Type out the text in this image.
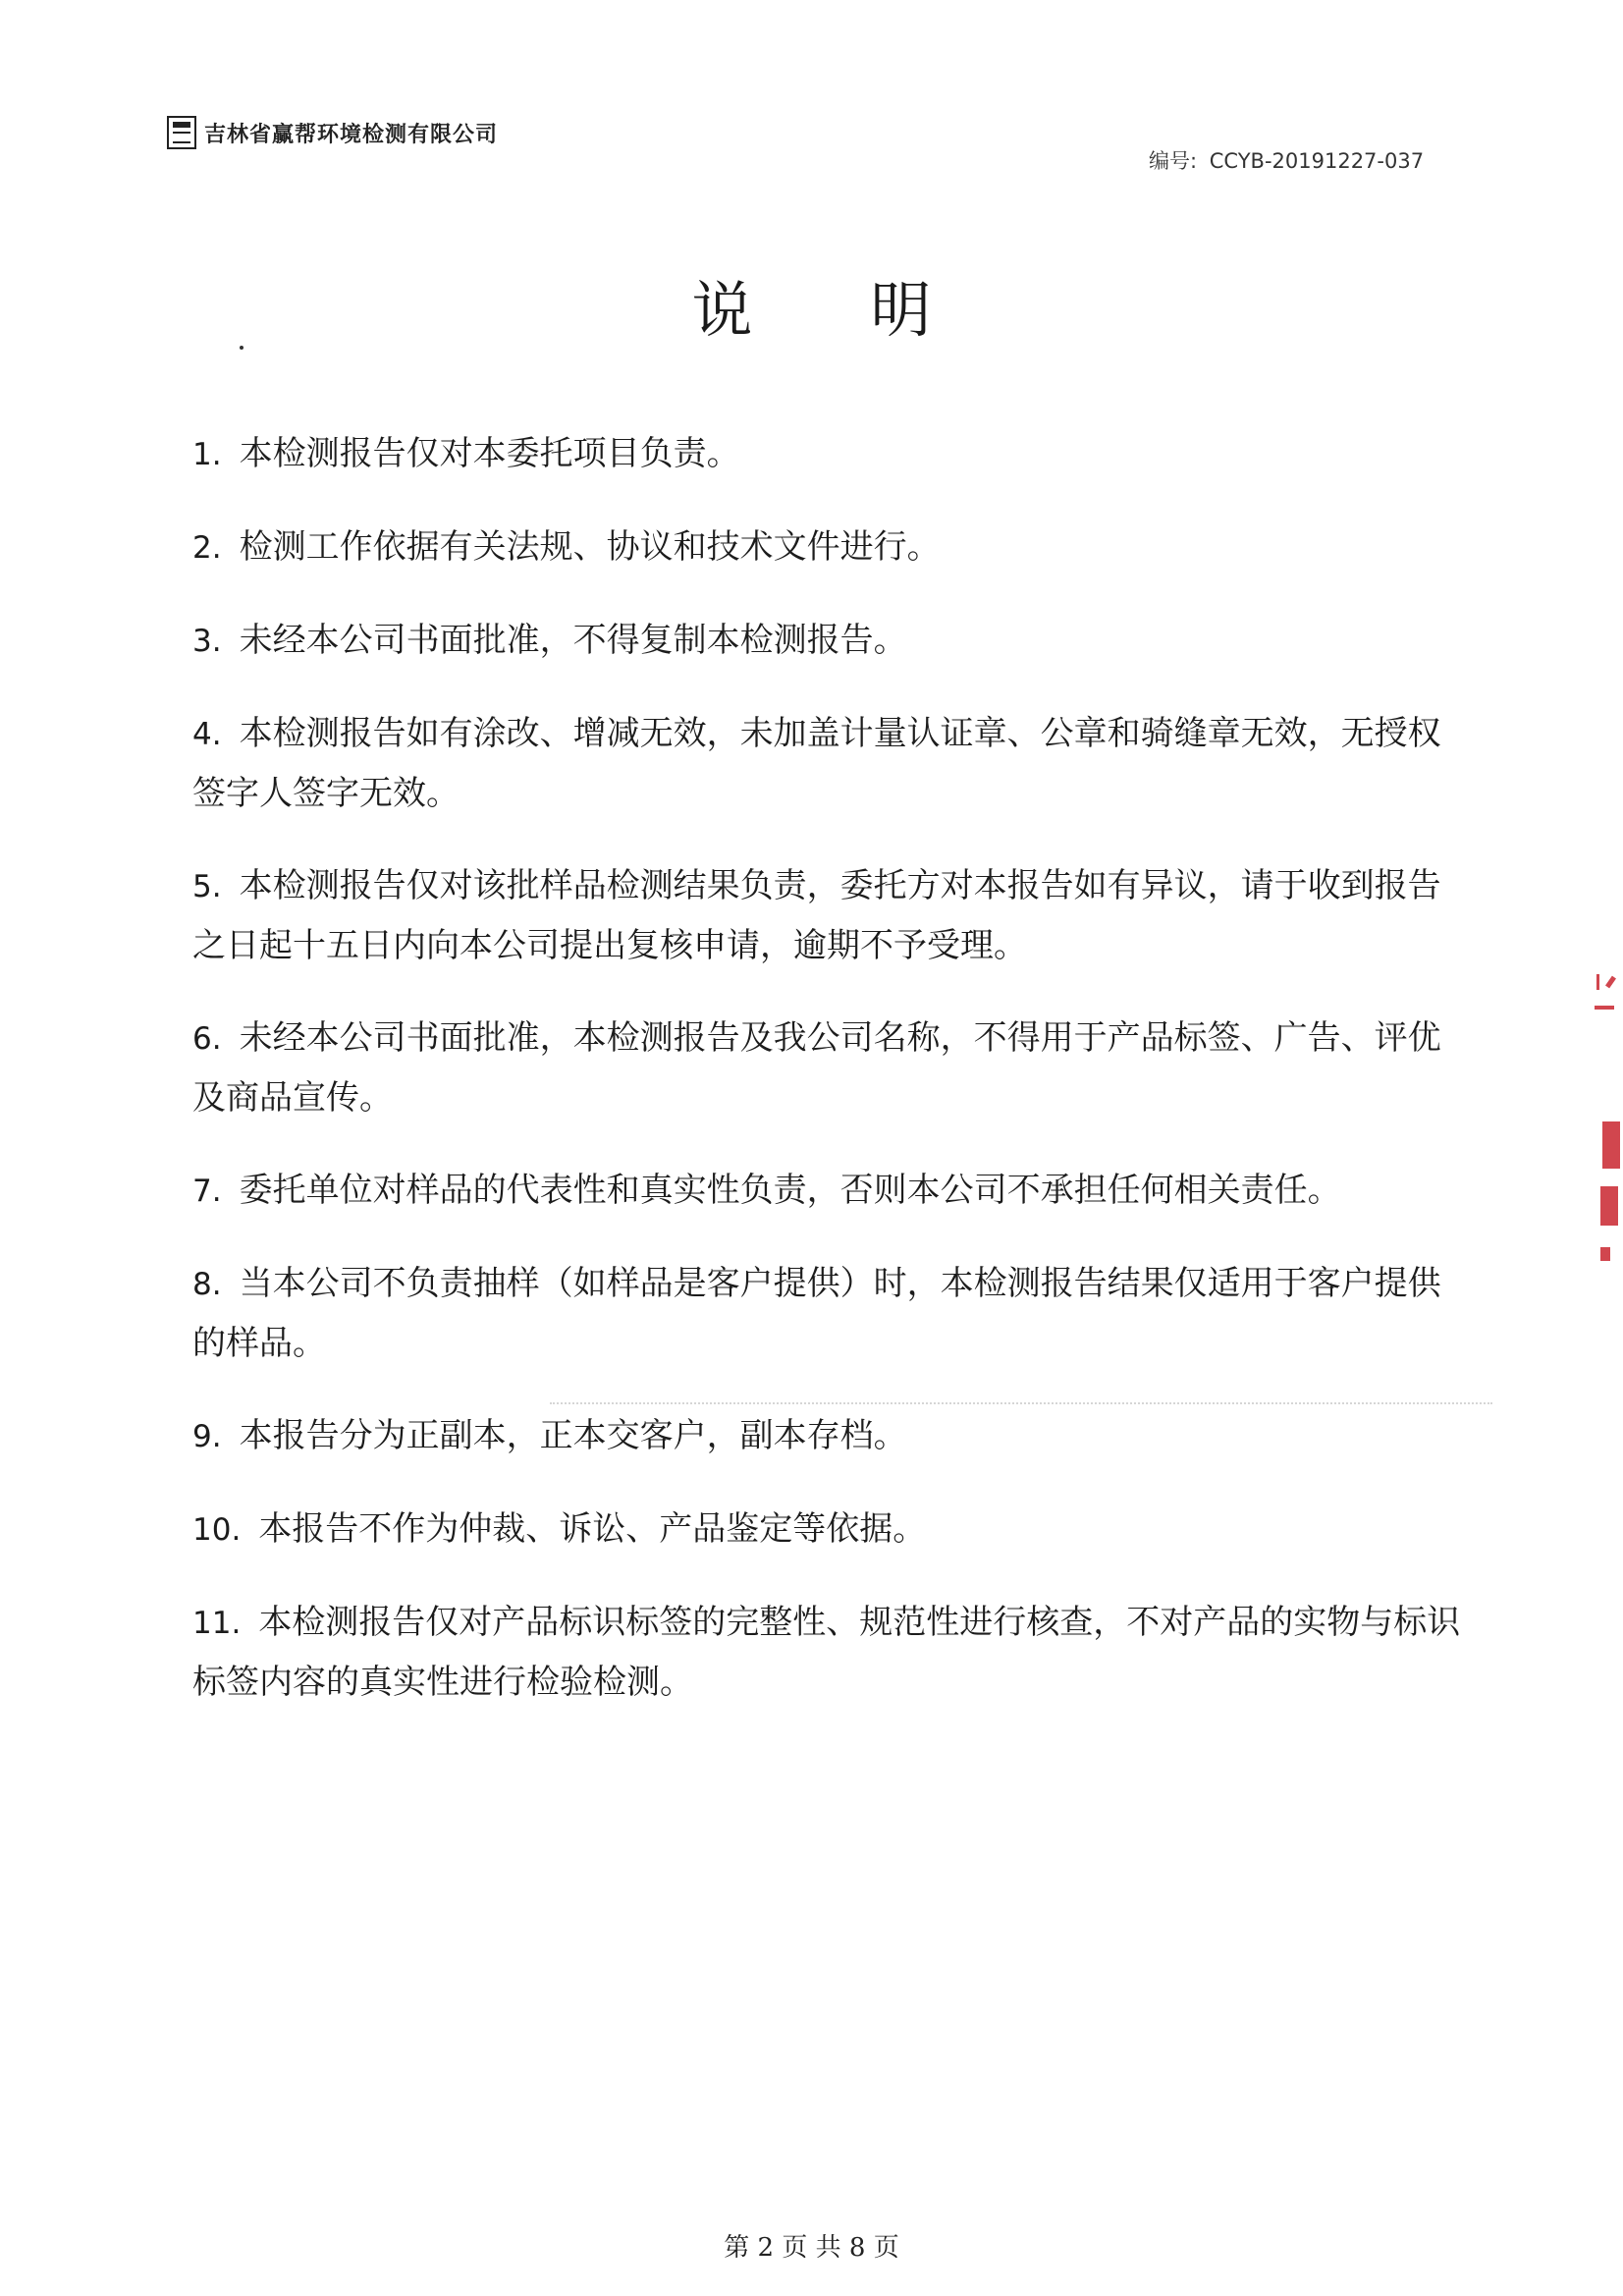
吉林省赢帮环境检测有限公司
编号: CCYB-20191227-037
说明
1. 本检测报告仅对本委托项目负责。
2. 检测工作依据有关法规、协议和技术文件进行。
3. 未经本公司书面批准，不得复制本检测报告。
4. 本检测报告如有涂改、增减无效，未加盖计量认证章、公章和骑缝章无效，无授权签字人签字无效。
5. 本检测报告仅对该批样品检测结果负责，委托方对本报告如有异议，请于收到报告之日起十五日内向本公司提出复核申请，逾期不予受理。
6. 未经本公司书面批准，本检测报告及我公司名称，不得用于产品标签、广告、评优及商品宣传。
7. 委托单位对样品的代表性和真实性负责，否则本公司不承担任何相关责任。
8. 当本公司不负责抽样（如样品是客户提供）时，本检测报告结果仅适用于客户提供的样品。
9. 本报告分为正副本，正本交客户，副本存档。
10. 本报告不作为仲裁、诉讼、产品鉴定等依据。
11. 本检测报告仅对产品标识标签的完整性、规范性进行核查，不对产品的实物与标识标签内容的真实性进行检验检测。
第 2 页 共 8 页
